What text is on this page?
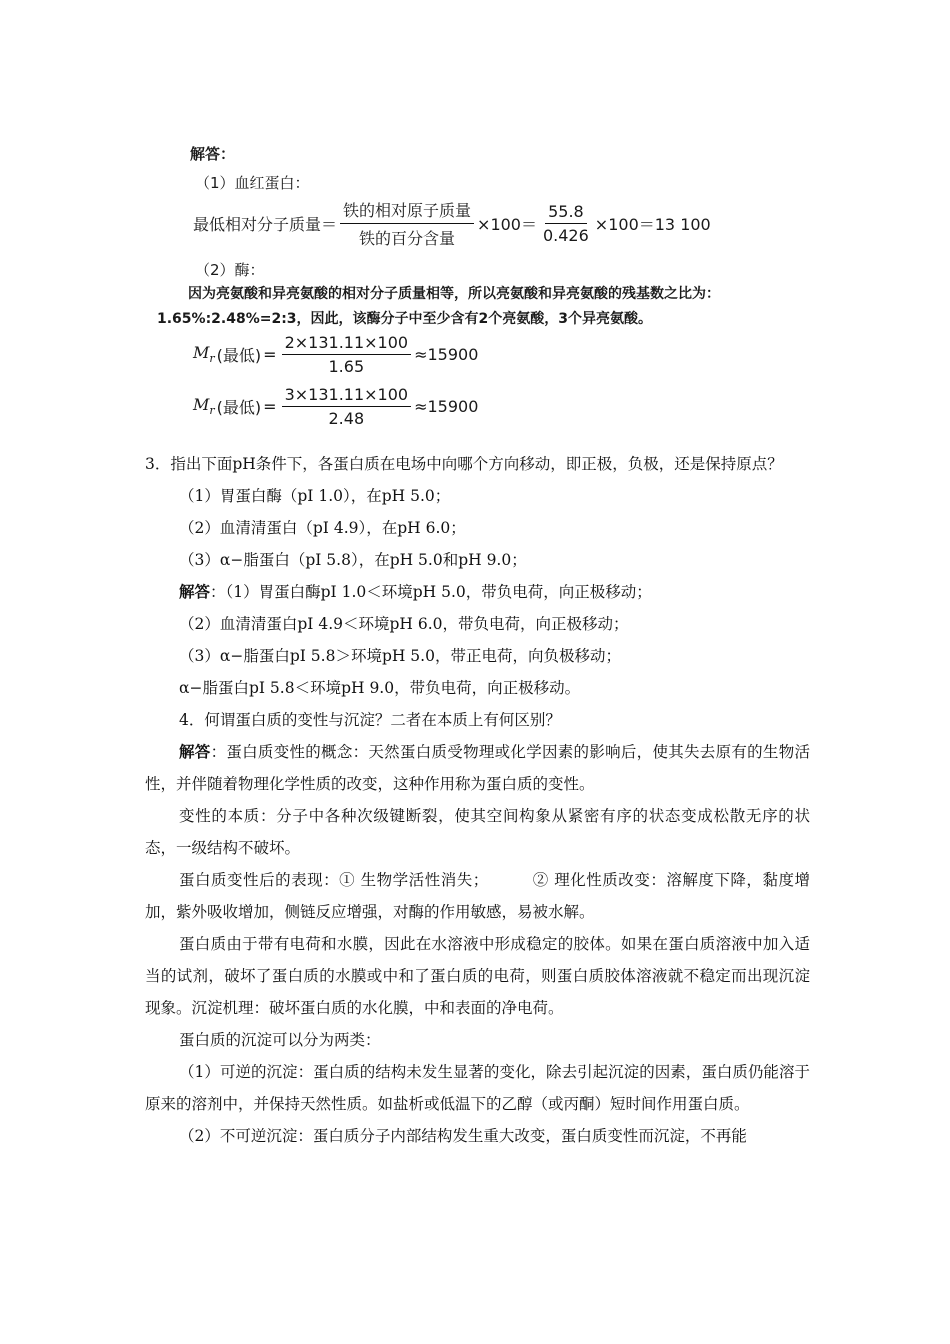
解答：
（1）血红蛋白：
最低相对分子质量＝ $\frac{\text{铁的相对原子质量}}{\text{铁的百分含量}} \times 100= \frac{55.8}{0.426} \times 100=13$ 100
（2）酶：
因为亮氨酸和异亮氨酸的相对分子质量相等，所以亮氨酸和异亮氨酸的残基数之比为：
1.65%:2.48%=2:3，因此，该酶分子中至少含有2个亮氨酸，3个异亮氨酸。
$M_r$ (最低) = $\frac{2\times 131.11\times 100}{1.65} \approx 15900$
$M_r$ (最低) = $\frac{3\times 131.11\times 100}{2.48} \approx 15900$

3．指出下面pH条件下，各蛋白质在电场中向哪个方向移动，即正极，负极，还是保持原点？

（1）胃蛋白酶（pI 1.0），在pH 5.0；

（2）血清清蛋白（pI 4.9），在pH 6.0；

（3）α−脂蛋白（pI 5.8），在pH 5.0和pH 9.0；

解答：（1）胃蛋白酶pI 1.0＜环境pH 5.0，带负电荷，向正极移动；

（2）血清清蛋白pI 4.9＜环境pH 6.0，带负电荷，向正极移动；

（3）α−脂蛋白pI 5.8＞环境pH 5.0，带正电荷，向负极移动；

α−脂蛋白pI 5.8＜环境pH 9.0，带负电荷，向正极移动。

4．何谓蛋白质的变性与沉淀？二者在本质上有何区别？

解答：蛋白质变性的概念：天然蛋白质受物理或化学因素的影响后，使其失去原有的生物活性，并伴随着物理化学性质的改变，这种作用称为蛋白质的变性。

变性的本质：分子中各种次级键断裂，使其空间构象从紧密有序的状态变成松散无序的状态，一级结构不破坏。

蛋白质变性后的表现：① 生物学活性消失；	② 理化性质改变：溶解度下降，黏度增加，紫外吸收增加，侧链反应增强，对酶的作用敏感，易被水解。

蛋白质由于带有电荷和水膜，因此在水溶液中形成稳定的胶体。如果在蛋白质溶液中加入适当的试剂，破坏了蛋白质的水膜或中和了蛋白质的电荷，则蛋白质胶体溶液就不稳定而出现沉淀现象。沉淀机理：破坏蛋白质的水化膜，中和表面的净电荷。

蛋白质的沉淀可以分为两类：

（1）可逆的沉淀：蛋白质的结构未发生显著的变化，除去引起沉淀的因素，蛋白质仍能溶于原来的溶剂中，并保持天然性质。如盐析或低温下的乙醇（或丙酮）短时间作用蛋白质。

（2）不可逆沉淀：蛋白质分子内部结构发生重大改变，蛋白质变性而沉淀，不再能
